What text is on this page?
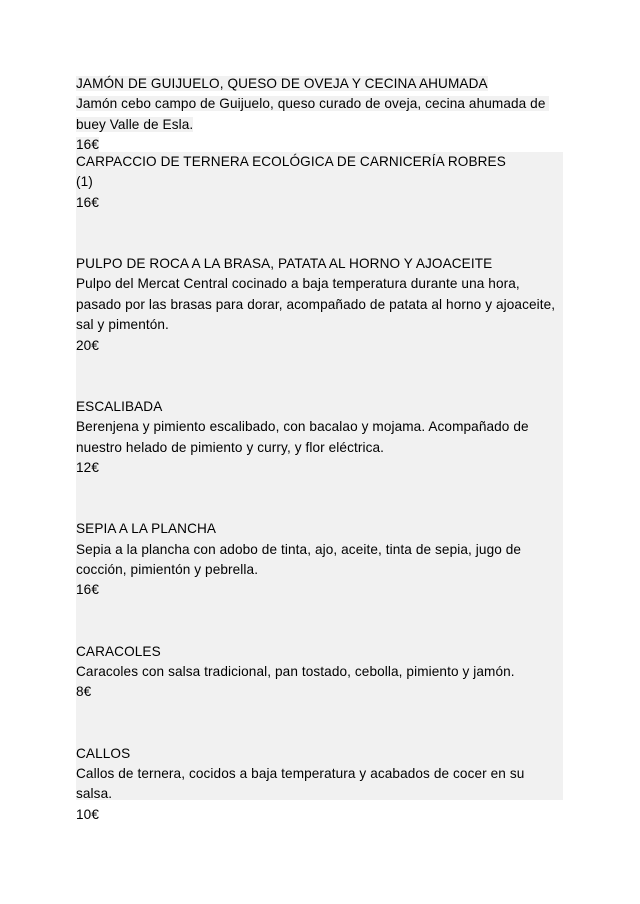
JAMÓN DE GUIJUELO, QUESO DE OVEJA Y CECINA AHUMADA
Jamón cebo campo de Guijuelo, queso curado de oveja, cecina ahumada de buey Valle de Esla.
16€
CARPACCIO DE TERNERA ECOLÓGICA DE CARNICERÍA ROBRES
(1)
16€
PULPO DE ROCA A LA BRASA, PATATA AL HORNO Y AJOACEITE
Pulpo del Mercat Central cocinado a baja temperatura durante una hora, pasado por las brasas para dorar, acompañado de patata al horno y ajoaceite, sal y pimentón.
20€
ESCALIBADA
Berenjena y pimiento escalibado, con bacalao y mojama. Acompañado de nuestro helado de pimiento y curry, y flor eléctrica.
12€
SEPIA A LA PLANCHA
Sepia a la plancha con adobo de tinta, ajo, aceite, tinta de sepia, jugo de cocción, pimientón y pebrella.
16€
CARACOLES
Caracoles con salsa tradicional, pan tostado, cebolla, pimiento y jamón.
8€
CALLOS
Callos de ternera, cocidos a baja temperatura y acabados de cocer en su salsa.
10€
